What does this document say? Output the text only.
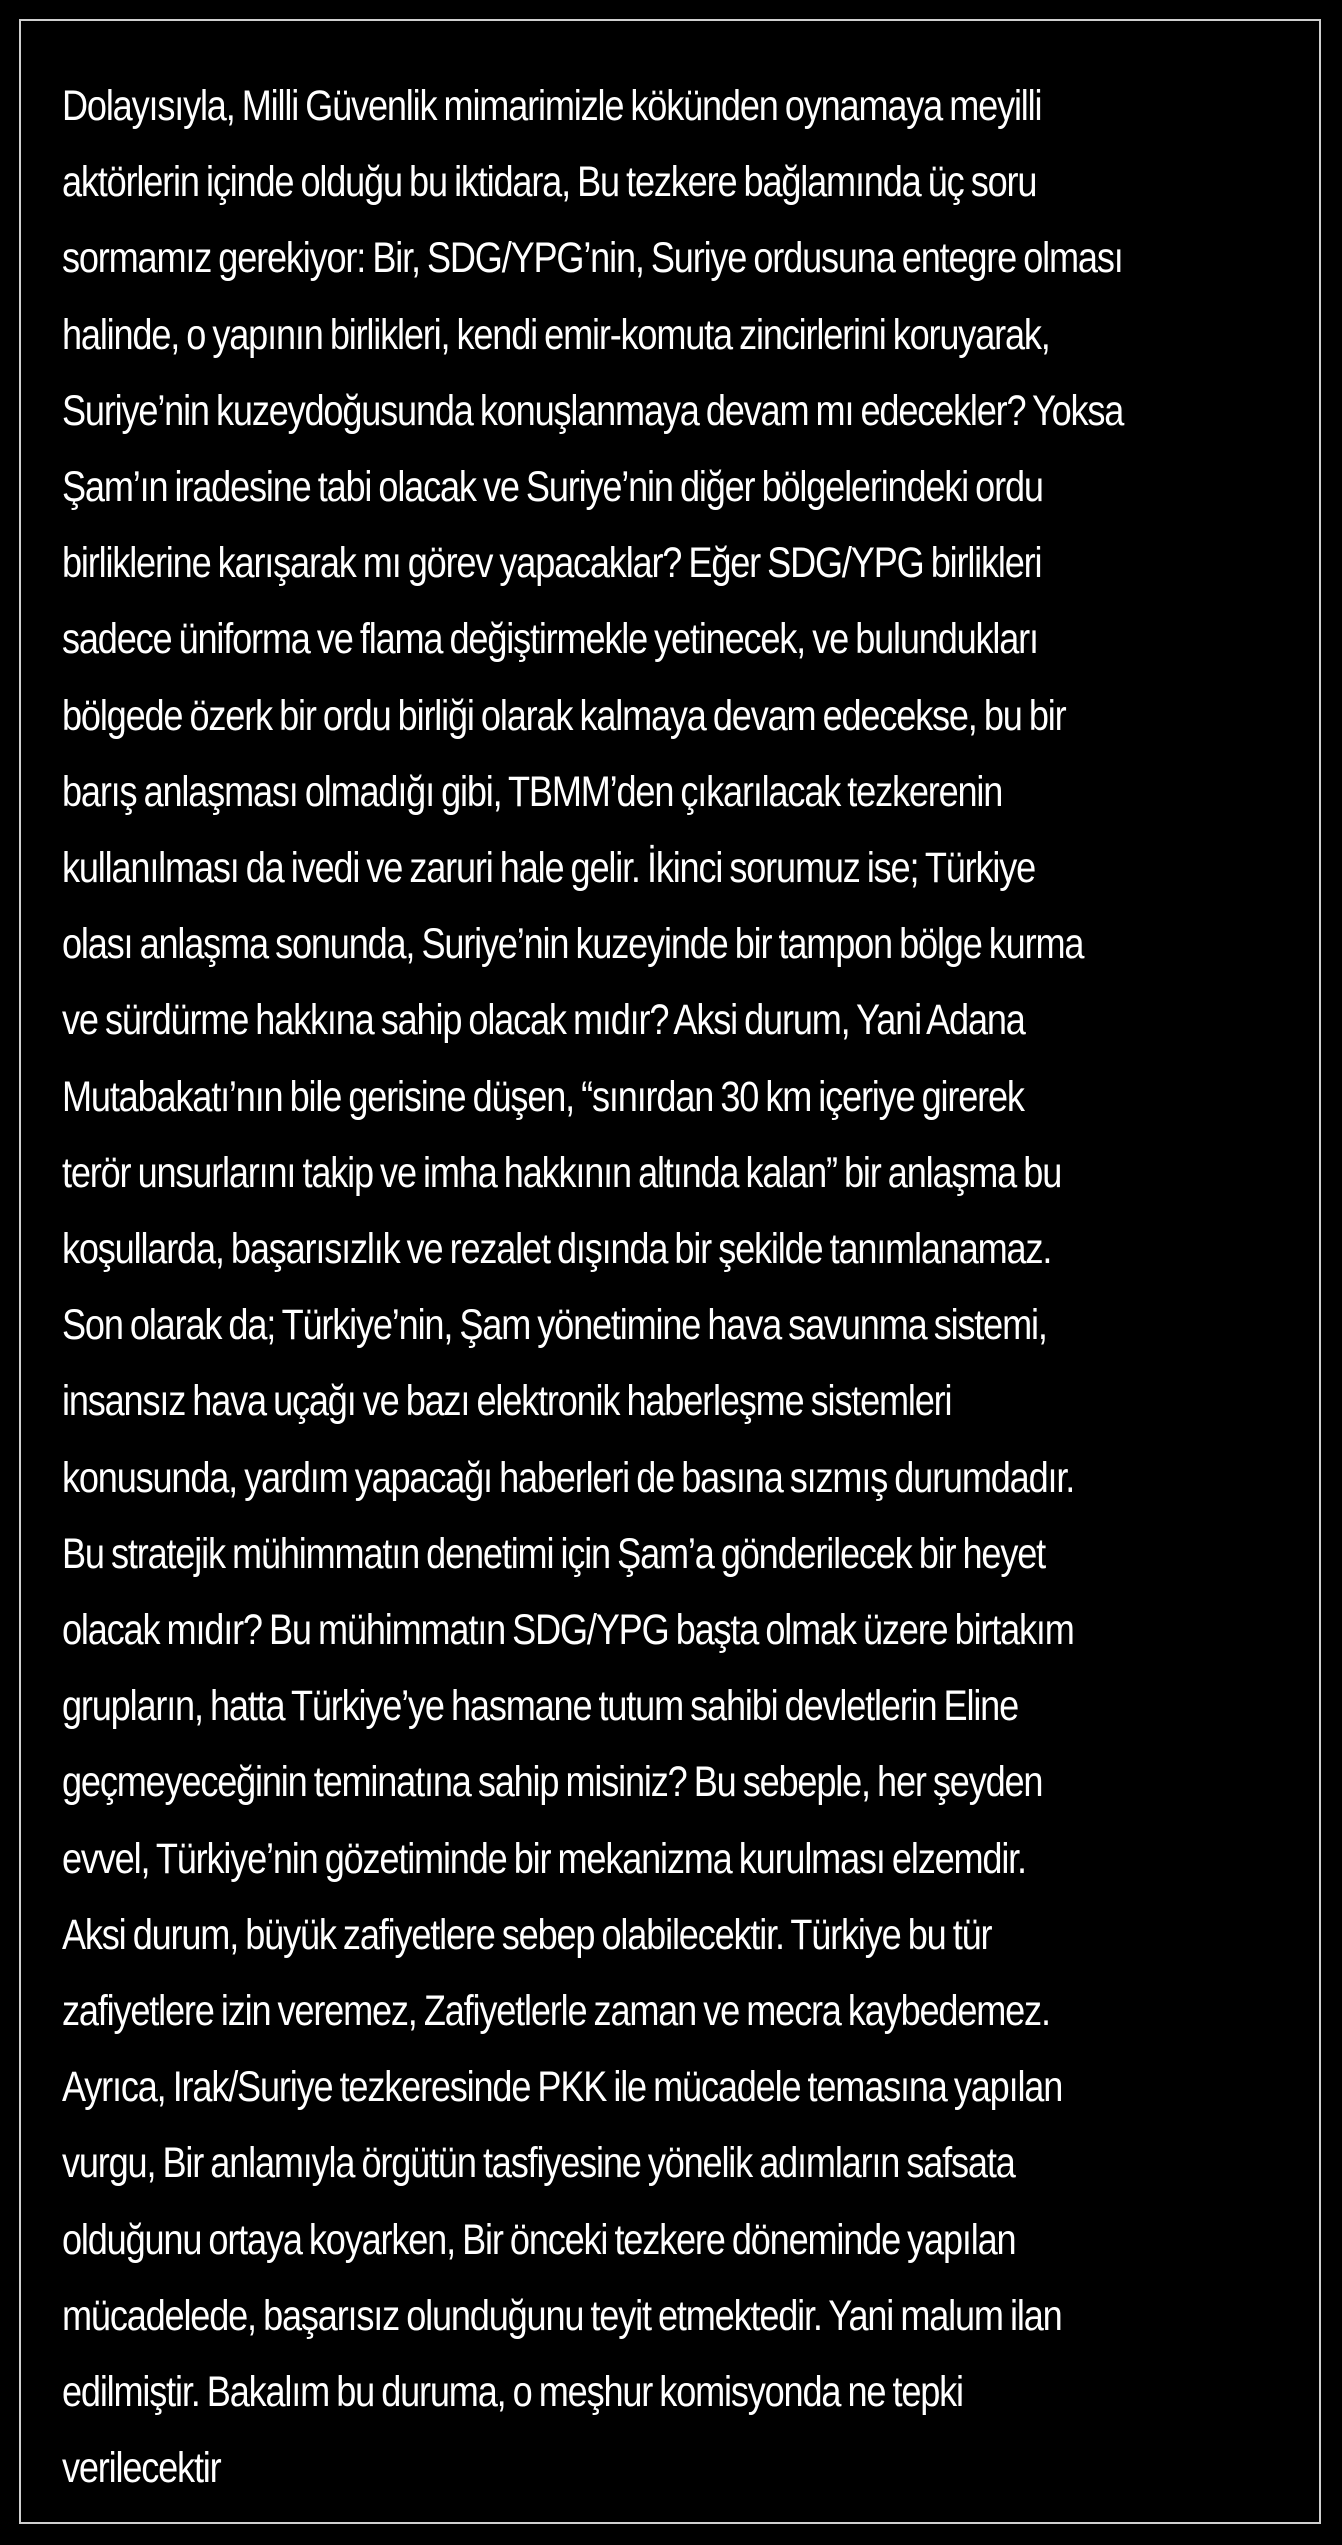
Dolayısıyla, Milli Güvenlik mimarimizle kökünden oynamaya meyilli
aktörlerin içinde olduğu bu iktidara, Bu tezkere bağlamında üç soru
sormamız gerekiyor: Bir, SDG/YPG’nin, Suriye ordusuna entegre olması
halinde, o yapının birlikleri, kendi emir-komuta zincirlerini koruyarak,
Suriye’nin kuzeydoğusunda konuşlanmaya devam mı edecekler? Yoksa
Şam’ın iradesine tabi olacak ve Suriye’nin diğer bölgelerindeki ordu
birliklerine karışarak mı görev yapacaklar? Eğer SDG/YPG birlikleri
sadece üniforma ve flama değiştirmekle yetinecek, ve bulundukları
bölgede özerk bir ordu birliği olarak kalmaya devam edecekse, bu bir
barış anlaşması olmadığı gibi, TBMM’den çıkarılacak tezkerenin
kullanılması da ivedi ve zaruri hale gelir. İkinci sorumuz ise; Türkiye
olası anlaşma sonunda, Suriye’nin kuzeyinde bir tampon bölge kurma
ve sürdürme hakkına sahip olacak mıdır? Aksi durum, Yani Adana
Mutabakatı’nın bile gerisine düşen, “sınırdan 30 km içeriye girerek
terör unsurlarını takip ve imha hakkının altında kalan” bir anlaşma bu
koşullarda, başarısızlık ve rezalet dışında bir şekilde tanımlanamaz.
Son olarak da; Türkiye’nin, Şam yönetimine hava savunma sistemi,
insansız hava uçağı ve bazı elektronik haberleşme sistemleri
konusunda, yardım yapacağı haberleri de basına sızmış durumdadır.
Bu stratejik mühimmatın denetimi için Şam’a gönderilecek bir heyet
olacak mıdır? Bu mühimmatın SDG/YPG başta olmak üzere birtakım
grupların, hatta Türkiye’ye hasmane tutum sahibi devletlerin Eline
geçmeyeceğinin teminatına sahip misiniz? Bu sebeple, her şeyden
evvel, Türkiye’nin gözetiminde bir mekanizma kurulması elzemdir.
Aksi durum, büyük zafiyetlere sebep olabilecektir. Türkiye bu tür
zafiyetlere izin veremez, Zafiyetlerle zaman ve mecra kaybedemez.
Ayrıca, Irak/Suriye tezkeresinde PKK ile mücadele temasına yapılan
vurgu, Bir anlamıyla örgütün tasfiyesine yönelik adımların safsata
olduğunu ortaya koyarken, Bir önceki tezkere döneminde yapılan
mücadelede, başarısız olunduğunu teyit etmektedir. Yani malum ilan
edilmiştir. Bakalım bu duruma, o meşhur komisyonda ne tepki
verilecektir
